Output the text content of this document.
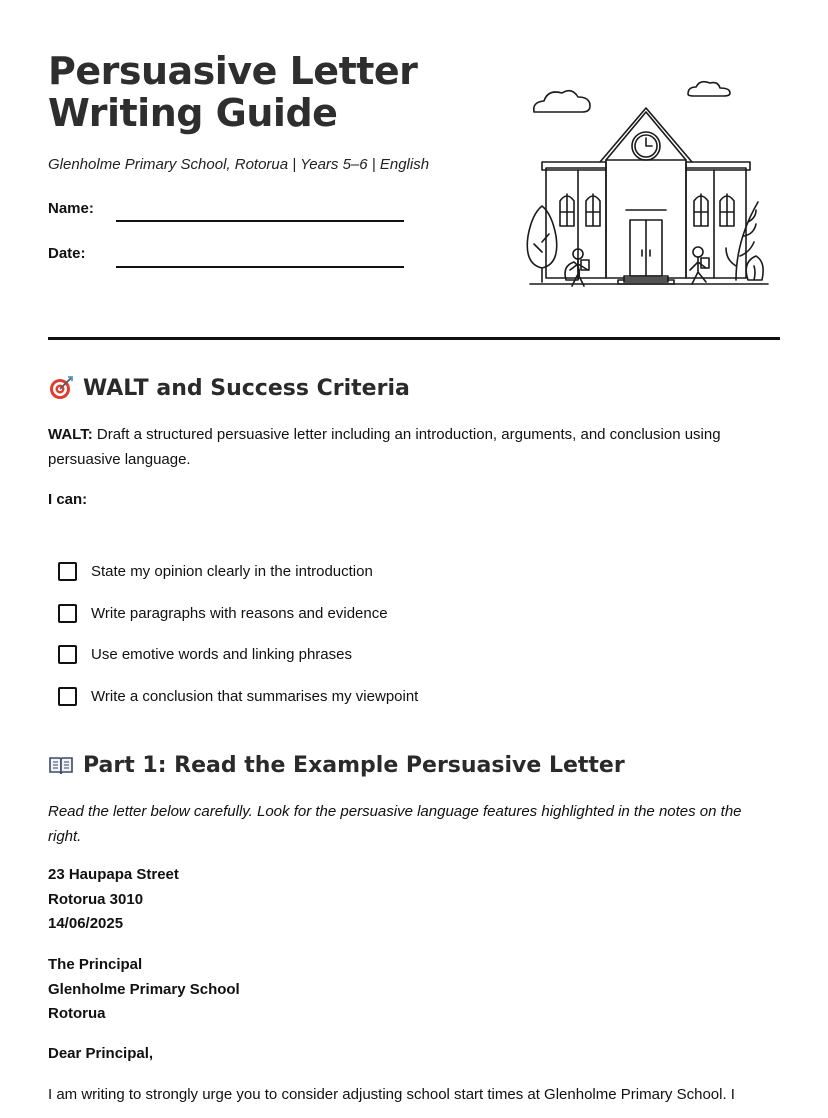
Persuasive Letter
Writing Guide
Glenholme Primary School, Rotorua | Years 5–6 | English
Name:
Date:
WALT and Success Criteria

WALT: Draft a structured persuasive letter including an introduction, arguments, and conclusion using persuasive language.

I can:
State my opinion clearly in the introduction
Write paragraphs with reasons and evidence
Use emotive words and linking phrases
Write a conclusion that summarises my viewpoint
Part 1: Read the Example Persuasive Letter

Read the letter below carefully. Look for the persuasive language features highlighted in the notes on the right.

23 Haupapa Street
Rotorua 3010
14/06/2025
The Principal
Glenholme Primary School
Rotorua
Dear Principal,
I am writing to strongly urge you to consider adjusting school start times at Glenholme Primary School. I
